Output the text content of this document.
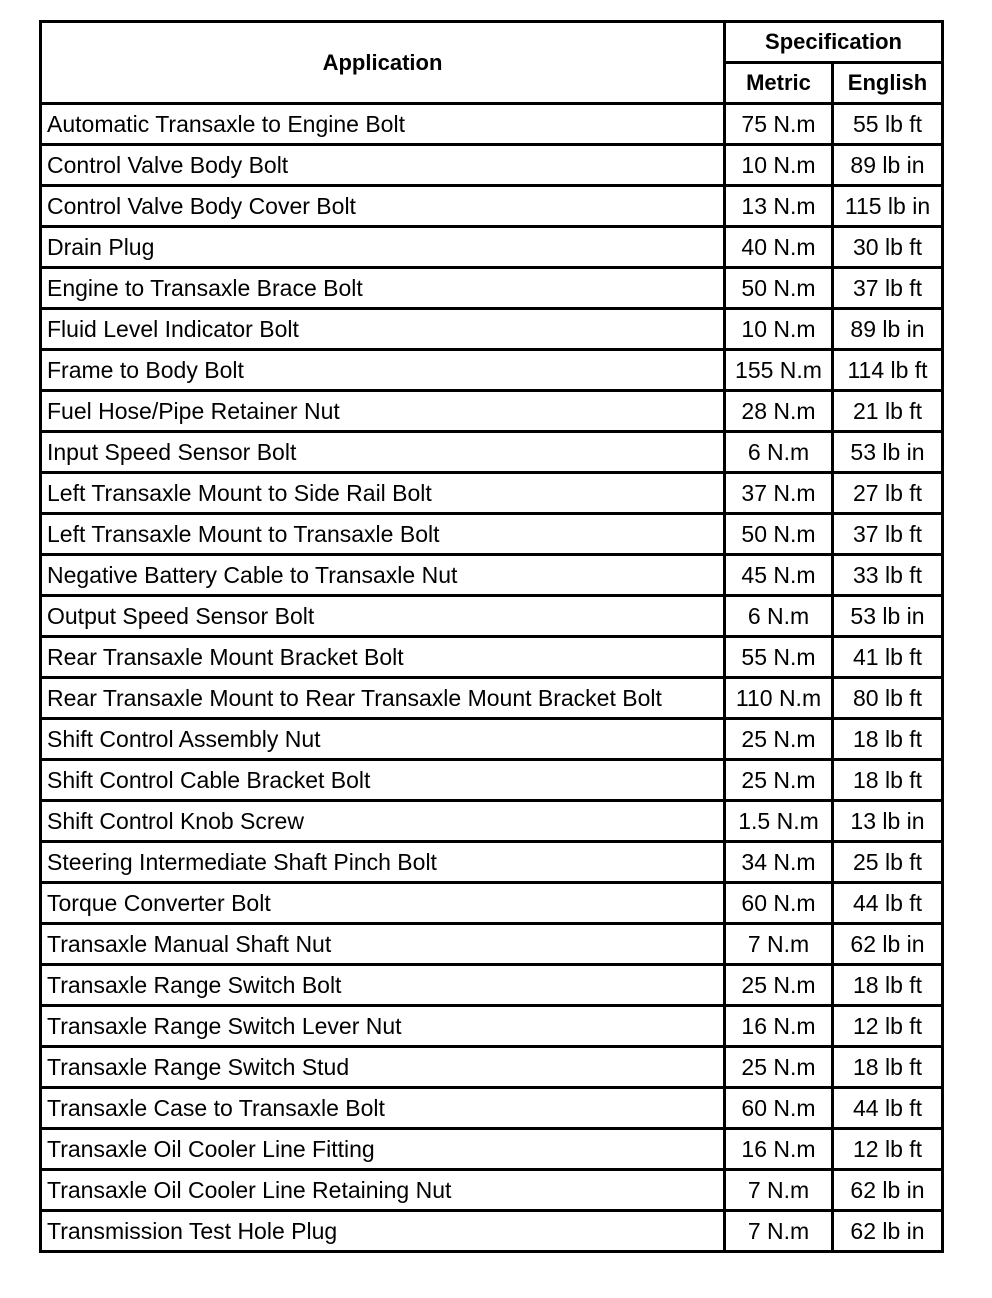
Application	Specification	
	Metric	English
Automatic Transaxle to Engine Bolt	75 N.m	55 lb ft
Control Valve Body Bolt	10 N.m	89 lb in
Control Valve Body Cover Bolt	13 N.m	115 lb in
Drain Plug	40 N.m	30 lb ft
Engine to Transaxle Brace Bolt	50 N.m	37 lb ft
Fluid Level Indicator Bolt	10 N.m	89 lb in
Frame to Body Bolt	155 N.m	114 lb ft
Fuel Hose/Pipe Retainer Nut	28 N.m	21 lb ft
Input Speed Sensor Bolt	6 N.m	53 lb in
Left Transaxle Mount to Side Rail Bolt	37 N.m	27 lb ft
Left Transaxle Mount to Transaxle Bolt	50 N.m	37 lb ft
Negative Battery Cable to Transaxle Nut	45 N.m	33 lb ft
Output Speed Sensor Bolt	6 N.m	53 lb in
Rear Transaxle Mount Bracket Bolt	55 N.m	41 lb ft
Rear Transaxle Mount to Rear Transaxle Mount Bracket Bolt	110 N.m	80 lb ft
Shift Control Assembly Nut	25 N.m	18 lb ft
Shift Control Cable Bracket Bolt	25 N.m	18 lb ft
Shift Control Knob Screw	1.5 N.m	13 lb in
Steering Intermediate Shaft Pinch Bolt	34 N.m	25 lb ft
Torque Converter Bolt	60 N.m	44 lb ft
Transaxle Manual Shaft Nut	7 N.m	62 lb in
Transaxle Range Switch Bolt	25 N.m	18 lb ft
Transaxle Range Switch Lever Nut	16 N.m	12 lb ft
Transaxle Range Switch Stud	25 N.m	18 lb ft
Transaxle Case to Transaxle Bolt	60 N.m	44 lb ft
Transaxle Oil Cooler Line Fitting	16 N.m	12 lb ft
Transaxle Oil Cooler Line Retaining Nut	7 N.m	62 lb in
Transmission Test Hole Plug	7 N.m	62 lb in
